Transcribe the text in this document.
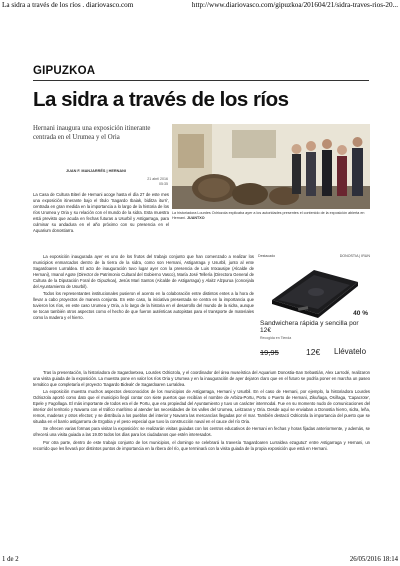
La sidra a través de los ríos . diariovasco.com	http://www.diariovasco.com/gipuzkoa/201604/21/sidra-traves-rios-20...
GIPUZKOA
La sidra a través de los ríos
Hernani inaugura una exposición itinerante centrada en el Urumea y el Oria
JUAN F. MANJARRÉS | HERNANI
21 abril 2016
05:35
La historiadora Lourdes Odriozola explicaba ayer a los autoridades presentes el contenido de la exposición abierta en Hernani. JUANTXO

La Casa de Cultura Biteri de Hernani acoge hasta el día 27 de este mes una exposición itinerante bajo el título 'Sagardo Ibaiak, biditza iturri', centrada en gran medida en la importancia a lo largo de la historia de los ríos Urumea y Oria y su relación con el mundo de la sidra. Esta muestra está previsto que acuda en fechas futuras a Usurbil y Astigarraga, para culminar su andadura en el año próximo con su presencia en el Aquarium donostiarra.

La exposición inaugurada ayer es uno de los frutos del trabajo conjunto que han comenzado a realizar los municipios enmarcados dentro de la tierra de la sidra, como son Hernani, Astigarraga y Usurbil, junto al ente Sagardoaren Lurraldea. El acto de inauguración tuvo lugar ayer con la presencia de Luis Intxausipe (Alcalde de Hernani), Imanol Agote (Director de Patrimonio Cultural del Gobierno Vasco), María José Tellería (Directora General de Cultura de la Diputación Foral de Gipuzkoa), Jesús Mari Santos (Alcalde de Astigarraga) y Alaitz Alzpurua (concejala del Ayuntamiento de Usurbil).

Todos los representantes institucionales pusieron el acento en la colaboración entre distintos entes a la hora de llevar a cabo proyectos de manera conjunta. En este caso, la iniciativa presentada se centra en la importancia que tuvieron los ríos, en este caso Urumea y Oria, a lo largo de la historia en el desarrollo del mundo de la sidra, aunque se tocan también otros aspectos como el hecho de que fueron auténticas autopistas para el transporte de materiales como la madera y el hierro.

Destacado	DONOSTIA | IRUN
40 %
Sandwichera rápida y sencilla por 12€
Recogida en Tienda
19,95	12€ Llévatelo

Tras la presentación, la historiadora de Sagardoetxea, Lourdes Odriozola, y el coordinador del área museística del Aquarium Donostia-San Sebastián, Alex Larrodé, realizaron una visita guiada de la exposición. La muestra pone en valor los ríos Oria y Urumea y en la inauguración de ayer dejaron claro que en el futuro se podría poner en marcha un paseo temático que completaría el proyecto 'Sagardo Bideak' de Sagardoaren Lurraldea.

La exposición muestra muchos aspectos desconocidos de los municipios de Astigarraga, Hernani y Usurbil. En el caso de Hernani, por ejemplo, la historiadora Lourdes Odriozola aportó como dato que el municipio llegó contar con siete puertos que recibían el nombre de Arbiza-Portu, Portu o Puerto de Hernani, Zikuñaga, Osiñaga, 'Capacrote', Epele y Fagollaga. El más importante de todos era el de Portu, que era propiedad del Ayuntamiento y tuvo un carácter intermodal. Fue en su momento nudo de comunicaciones del interior del territorio y Navarra con el tráfico marítimo al atender las necesidades de los valles del Urumea, Leitzaran y Oria. Desde aquí se enviaban a Donostia hierro, sidra, leña, remos, maderas y otros efectos; y se distribuía a los pueblos del interior y Navarra las mercancías llegadas por el mar. También destacó Odriozola la importancia del puerto que se situaba en el barrio astigarrarra de Ergobia y el peso especial que tuvo la construcción naval en el cauce del río Oria.

Se ofrecen varias formas para visitar la exposición: se realizarán visitas guiadas con los centros educativos de Hernani en fechas y horas fijadas anteriormente, y además, se ofrecerá una visita guiada a las 19.00 todos los días para los ciudadanos que estén interesados.

Por otra parte, dentro de este trabajo conjunto de los municipios, el domingo se celebrará la travesía 'Sagardoaren Lurraldea ezagutuz' entre Astigarraga y Hernani, un recorrido que les llevará por distintos puntos de importancia en la ribera del río, que terminará con la visita guiada de la propia exposición que está en Hernani.

1 de 2	26/05/2016 18:14
